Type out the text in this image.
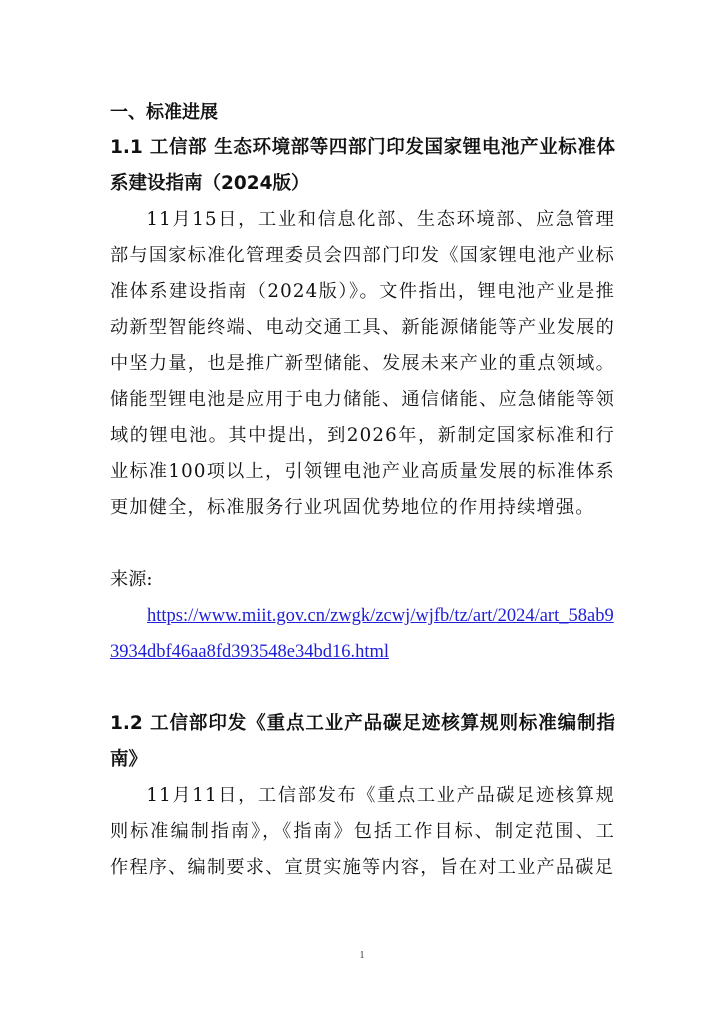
一、标准进展
1.1 工信部 生态环境部等四部门印发国家锂电池产业标准体系建设指南（2024版）

11月15日，工业和信息化部、生态环境部、应急管理部与国家标准化管理委员会四部门印发《国家锂电池产业标准体系建设指南（2024版）》。文件指出，锂电池产业是推动新型智能终端、电动交通工具、新能源储能等产业发展的中坚力量，也是推广新型储能、发展未来产业的重点领域。储能型锂电池是应用于电力储能、通信储能、应急储能等领域的锂电池。其中提出，到2026年，新制定国家标准和行业标准100项以上，引领锂电池产业高质量发展的标准体系更加健全，标准服务行业巩固优势地位的作用持续增强。

来源:

https://www.miit.gov.cn/zwgk/zcwj/wjfb/tz/art/2024/art_58ab93934dbf46aa8fd393548e34bd16.html
1.2 工信部印发《重点工业产品碳足迹核算规则标准编制指南》

11月11日，工信部发布《重点工业产品碳足迹核算规则标准编制指南》，《指南》包括工作目标、制定范围、工作程序、编制要求、宣贯实施等内容，旨在对工业产品碳足

1
